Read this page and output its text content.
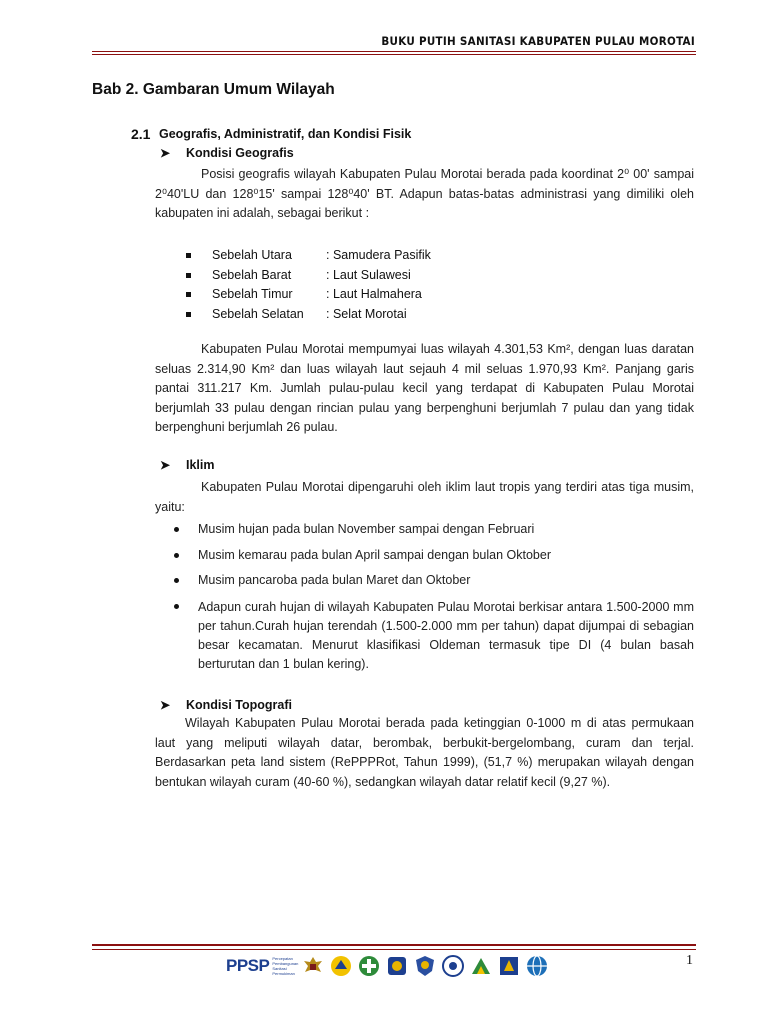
BUKU PUTIH SANITASI KABUPATEN PULAU MOROTAI
Bab 2. Gambaran Umum Wilayah
2.1 Geografis, Administratif, dan Kondisi Fisik
➤ Kondisi Geografis
Posisi geografis wilayah Kabupaten Pulau Morotai berada pada koordinat 2⁰ 00' sampai 2⁰40'LU dan 128⁰15' sampai 128⁰40' BT. Adapun batas-batas administrasi yang dimiliki oleh kabupaten ini adalah, sebagai berikut :
Sebelah Utara	: Samudera Pasifik
Sebelah Barat	: Laut Sulawesi
Sebelah Timur	: Laut Halmahera
Sebelah Selatan	: Selat Morotai
Kabupaten Pulau Morotai mempumyai luas wilayah 4.301,53 Km², dengan luas daratan seluas 2.314,90 Km² dan luas wilayah laut sejauh 4 mil seluas 1.970,93 Km². Panjang garis pantai 311.217 Km. Jumlah pulau-pulau kecil yang terdapat di Kabupaten Pulau Morotai berjumlah 33 pulau dengan rincian pulau yang berpenghuni berjumlah 7 pulau dan yang tidak berpenghuni berjumlah 26 pulau.
➤ Iklim
Kabupaten Pulau Morotai dipengaruhi oleh iklim laut tropis yang terdiri atas tiga musim, yaitu:
Musim hujan pada bulan November sampai dengan Februari
Musim kemarau pada bulan April sampai dengan bulan Oktober
Musim pancaroba pada bulan Maret dan Oktober
Adapun curah hujan di wilayah Kabupaten Pulau Morotai berkisar antara 1.500-2000 mm per tahun.Curah hujan terendah (1.500-2.000 mm per tahun) dapat dijumpai di sebagian besar kecamatan. Menurut klasifikasi Oldeman termasuk tipe DI (4 bulan basah berturutan dan 1 bulan kering).
➤ Kondisi Topografi
Wilayah Kabupaten Pulau Morotai berada pada ketinggian 0-1000 m di atas permukaan laut yang meliputi wilayah datar, berombak, berbukit-bergelombang, curam dan terjal. Berdasarkan peta land sistem (RePPPRot, Tahun 1999), (51,7 %) merupakan wilayah dengan bentukan wilayah curam (40-60 %), sedangkan wilayah datar relatif kecil (9,27 %).
1
PPSP Percepatan Pembangunan Sanitasi Permukiman
